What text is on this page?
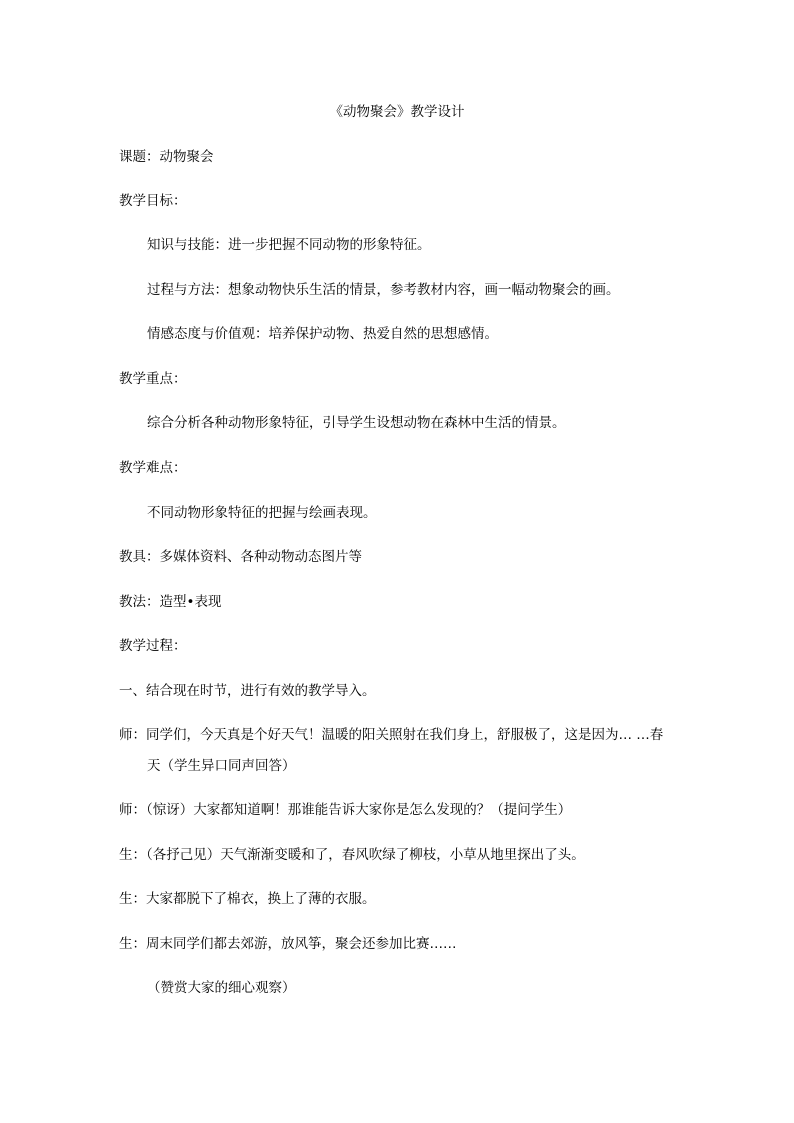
《动物聚会》教学设计
课题：动物聚会
教学目标：
知识与技能：进一步把握不同动物的形象特征。
过程与方法：想象动物快乐生活的情景，参考教材内容，画一幅动物聚会的画。
情感态度与价值观：培养保护动物、热爱自然的思想感情。
教学重点：
综合分析各种动物形象特征，引导学生设想动物在森林中生活的情景。
教学难点：
不同动物形象特征的把握与绘画表现。
教具：多媒体资料、各种动物动态图片等
教法：造型•表现
教学过程：
一、结合现在时节，进行有效的教学导入。
师：同学们，今天真是个好天气！温暖的阳关照射在我们身上，舒服极了，这是因为… …春
天（学生异口同声回答）
师：（惊讶）大家都知道啊！那谁能告诉大家你是怎么发现的？（提问学生）
生：（各抒己见）天气渐渐变暖和了，春风吹绿了柳枝，小草从地里探出了头。
生：大家都脱下了棉衣，换上了薄的衣服。
生：周末同学们都去郊游，放风筝，聚会还参加比赛……
（赞赏大家的细心观察）
